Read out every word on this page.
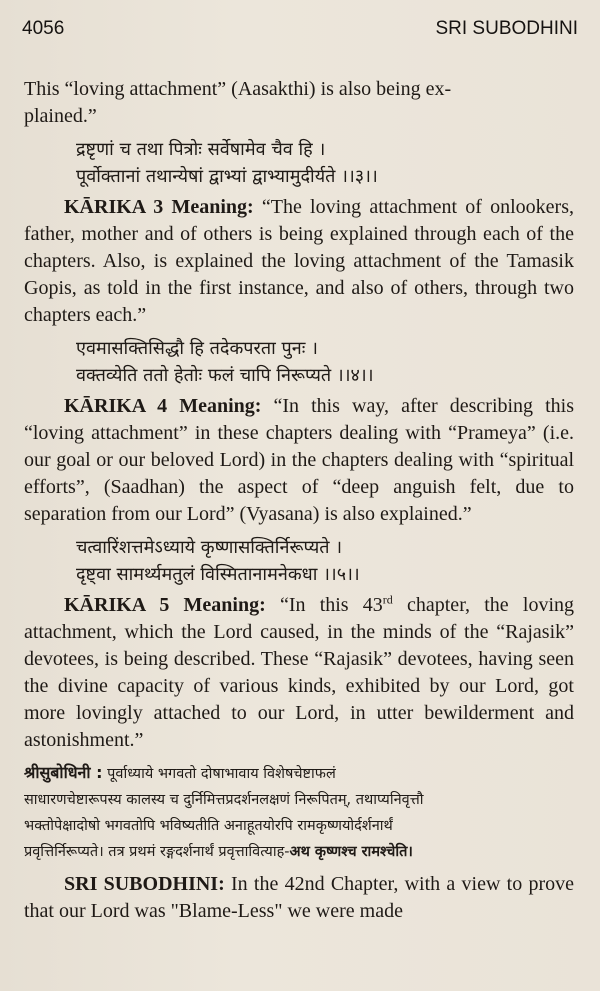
4056	SRI SUBODHINI

This “loving attachment” (Aasakthi) is also being ex-
plained.”

द्रष्टृणां च तथा पित्रोः सर्वेषामेव चैव हि ।
पूर्वोक्तानां तथान्येषां द्वाभ्यां द्वाभ्यामुदीर्यते ।।३।।

KĀRIKA 3 Meaning: “The loving attachment of onlookers, father, mother and of others is being explained through each of the chapters. Also, is explained the loving attachment of the Tamasik Gopis, as told in the first instance, and also of others, through two chapters each.”

एवमासक्तिसिद्धौ हि तदेकपरता पुनः ।
वक्तव्येति ततो हेतोः फलं चापि निरूप्यते ।।४।।

KĀRIKA 4 Meaning: “In this way, after describing this “loving attachment” in these chapters dealing with “Prameya” (i.e. our goal or our beloved Lord) in the chapters dealing with “spiritual efforts”, (Saadhan) the aspect of “deep anguish felt, due to separation from our Lord” (Vyasana) is also explained.”

चत्वारिंशत्तमेऽध्याये कृष्णासक्तिर्निरूप्यते ।
दृष्ट्वा सामर्थ्यमतुलं विस्मितानामनेकधा ।।५।।

KĀRIKA 5 Meaning: “In this 43rd chapter, the loving attachment, which the Lord caused, in the minds of the “Rajasik” devotees, is being described. These “Rajasik” devotees, having seen the divine capacity of various kinds, exhibited by our Lord, got more lovingly attached to our Lord, in utter bewilderment and astonishment.”

श्रीसुबोधिनी : पूर्वाध्याये भगवतो दोषाभावाय विशेषचेष्टाफलं
साधारणचेष्टारूपस्य कालस्य च दुर्निमित्तप्रदर्शनलक्षणं निरूपितम्, तथाप्यनिवृत्तौ
भक्तोपेक्षादोषो भगवतोपि भविष्यतीति अनाहूतयोरपि रामकृष्णयोर्दर्शनार्थं
प्रवृत्तिर्निरूप्यते। तत्र प्रथमं रङ्गदर्शनार्थं प्रवृत्तावित्याह-अथ कृष्णश्च रामश्चेति।

SRI SUBODHINI: In the 42nd Chapter, with a view to prove that our Lord was "Blame-Less" we were made
